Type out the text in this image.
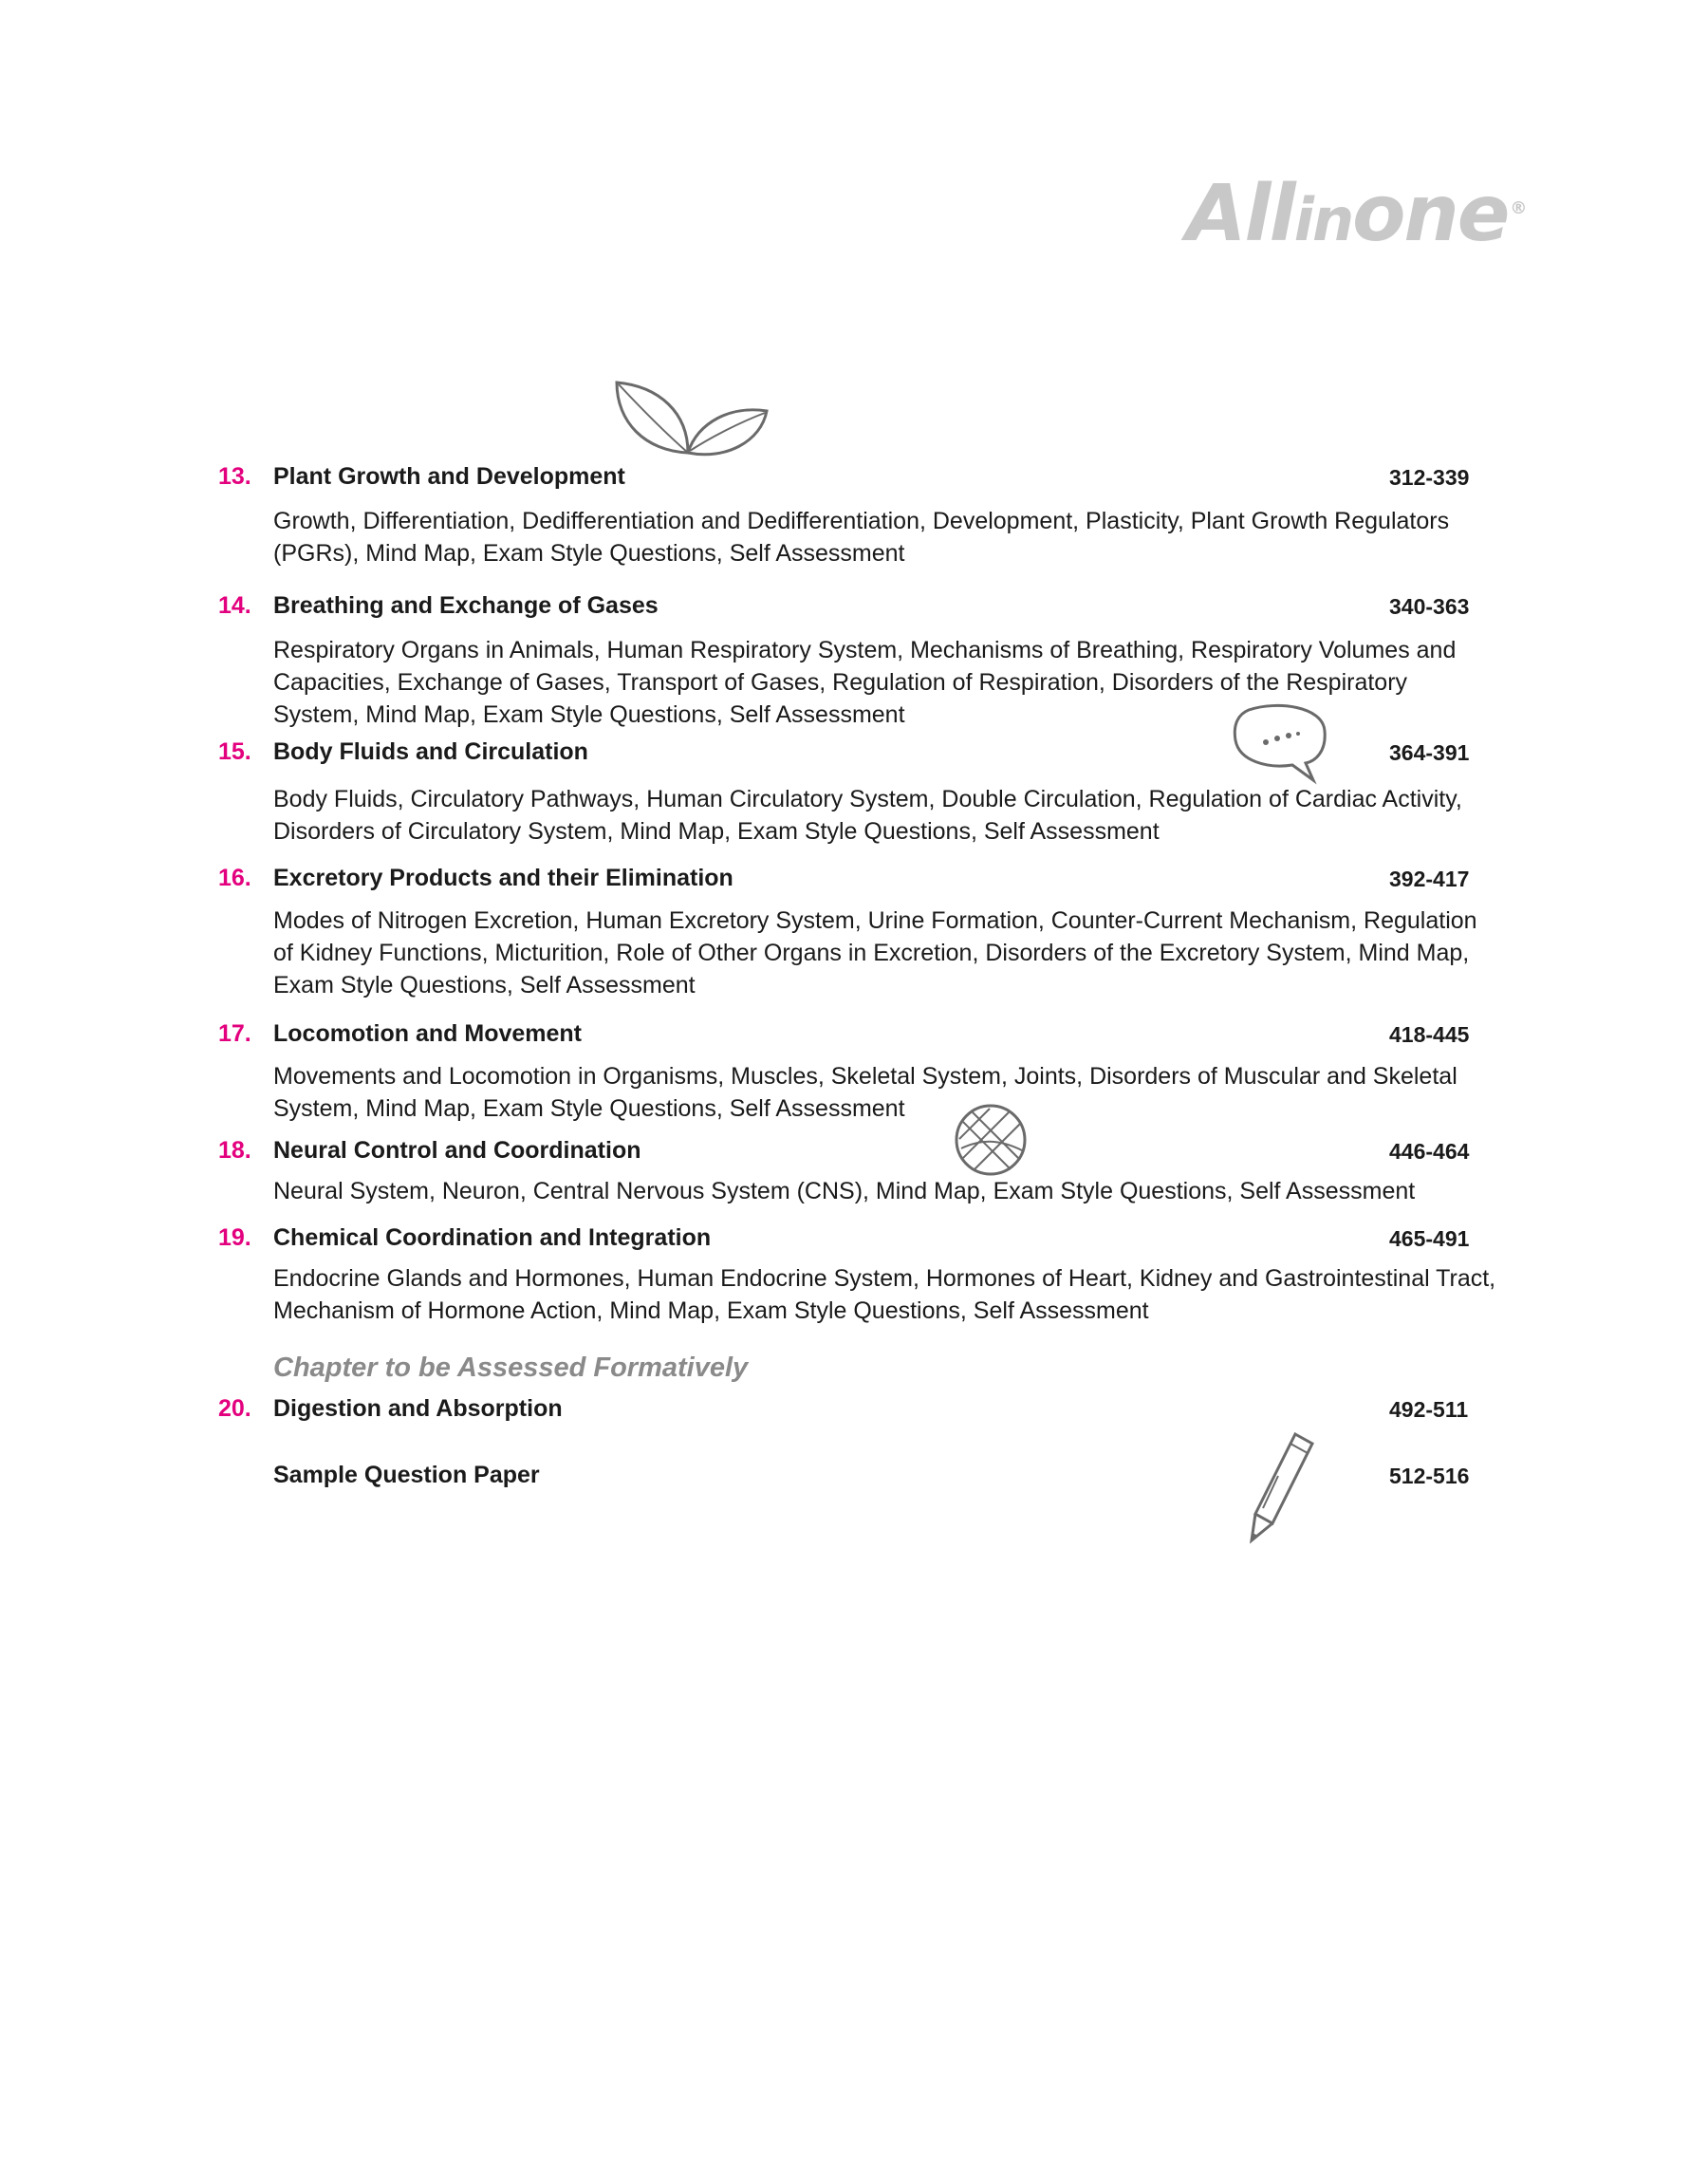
Allinone ®
13. Plant Growth and Development	312-339
Growth, Differentiation, Dedifferentiation and Dedifferentiation, Development, Plasticity, Plant Growth Regulators (PGRs), Mind Map, Exam Style Questions, Self Assessment
14. Breathing and Exchange of Gases	340-363
Respiratory Organs in Animals, Human Respiratory System, Mechanisms of Breathing, Respiratory Volumes and Capacities, Exchange of Gases, Transport of Gases, Regulation of Respiration, Disorders of the Respiratory System, Mind Map, Exam Style Questions, Self Assessment
15. Body Fluids and Circulation	364-391
Body Fluids, Circulatory Pathways, Human Circulatory System, Double Circulation, Regulation of Cardiac Activity, Disorders of Circulatory System, Mind Map, Exam Style Questions, Self Assessment
16. Excretory Products and their Elimination	392-417
Modes of Nitrogen Excretion, Human Excretory System, Urine Formation, Counter-Current Mechanism, Regulation of Kidney Functions, Micturition, Role of Other Organs in Excretion, Disorders of the Excretory System, Mind Map, Exam Style Questions, Self Assessment
17. Locomotion and Movement	418-445
Movements and Locomotion in Organisms, Muscles, Skeletal System, Joints, Disorders of Muscular and Skeletal System, Mind Map, Exam Style Questions, Self Assessment
18. Neural Control and Coordination	446-464
Neural System, Neuron, Central Nervous System (CNS), Mind Map, Exam Style Questions, Self Assessment
19. Chemical Coordination and Integration	465-491
Endocrine Glands and Hormones, Human Endocrine System, Hormones of Heart, Kidney and Gastrointestinal Tract, Mechanism of Hormone Action, Mind Map, Exam Style Questions, Self Assessment
Chapter to be Assessed Formatively
20. Digestion and Absorption	492-511
Sample Question Paper	512-516
